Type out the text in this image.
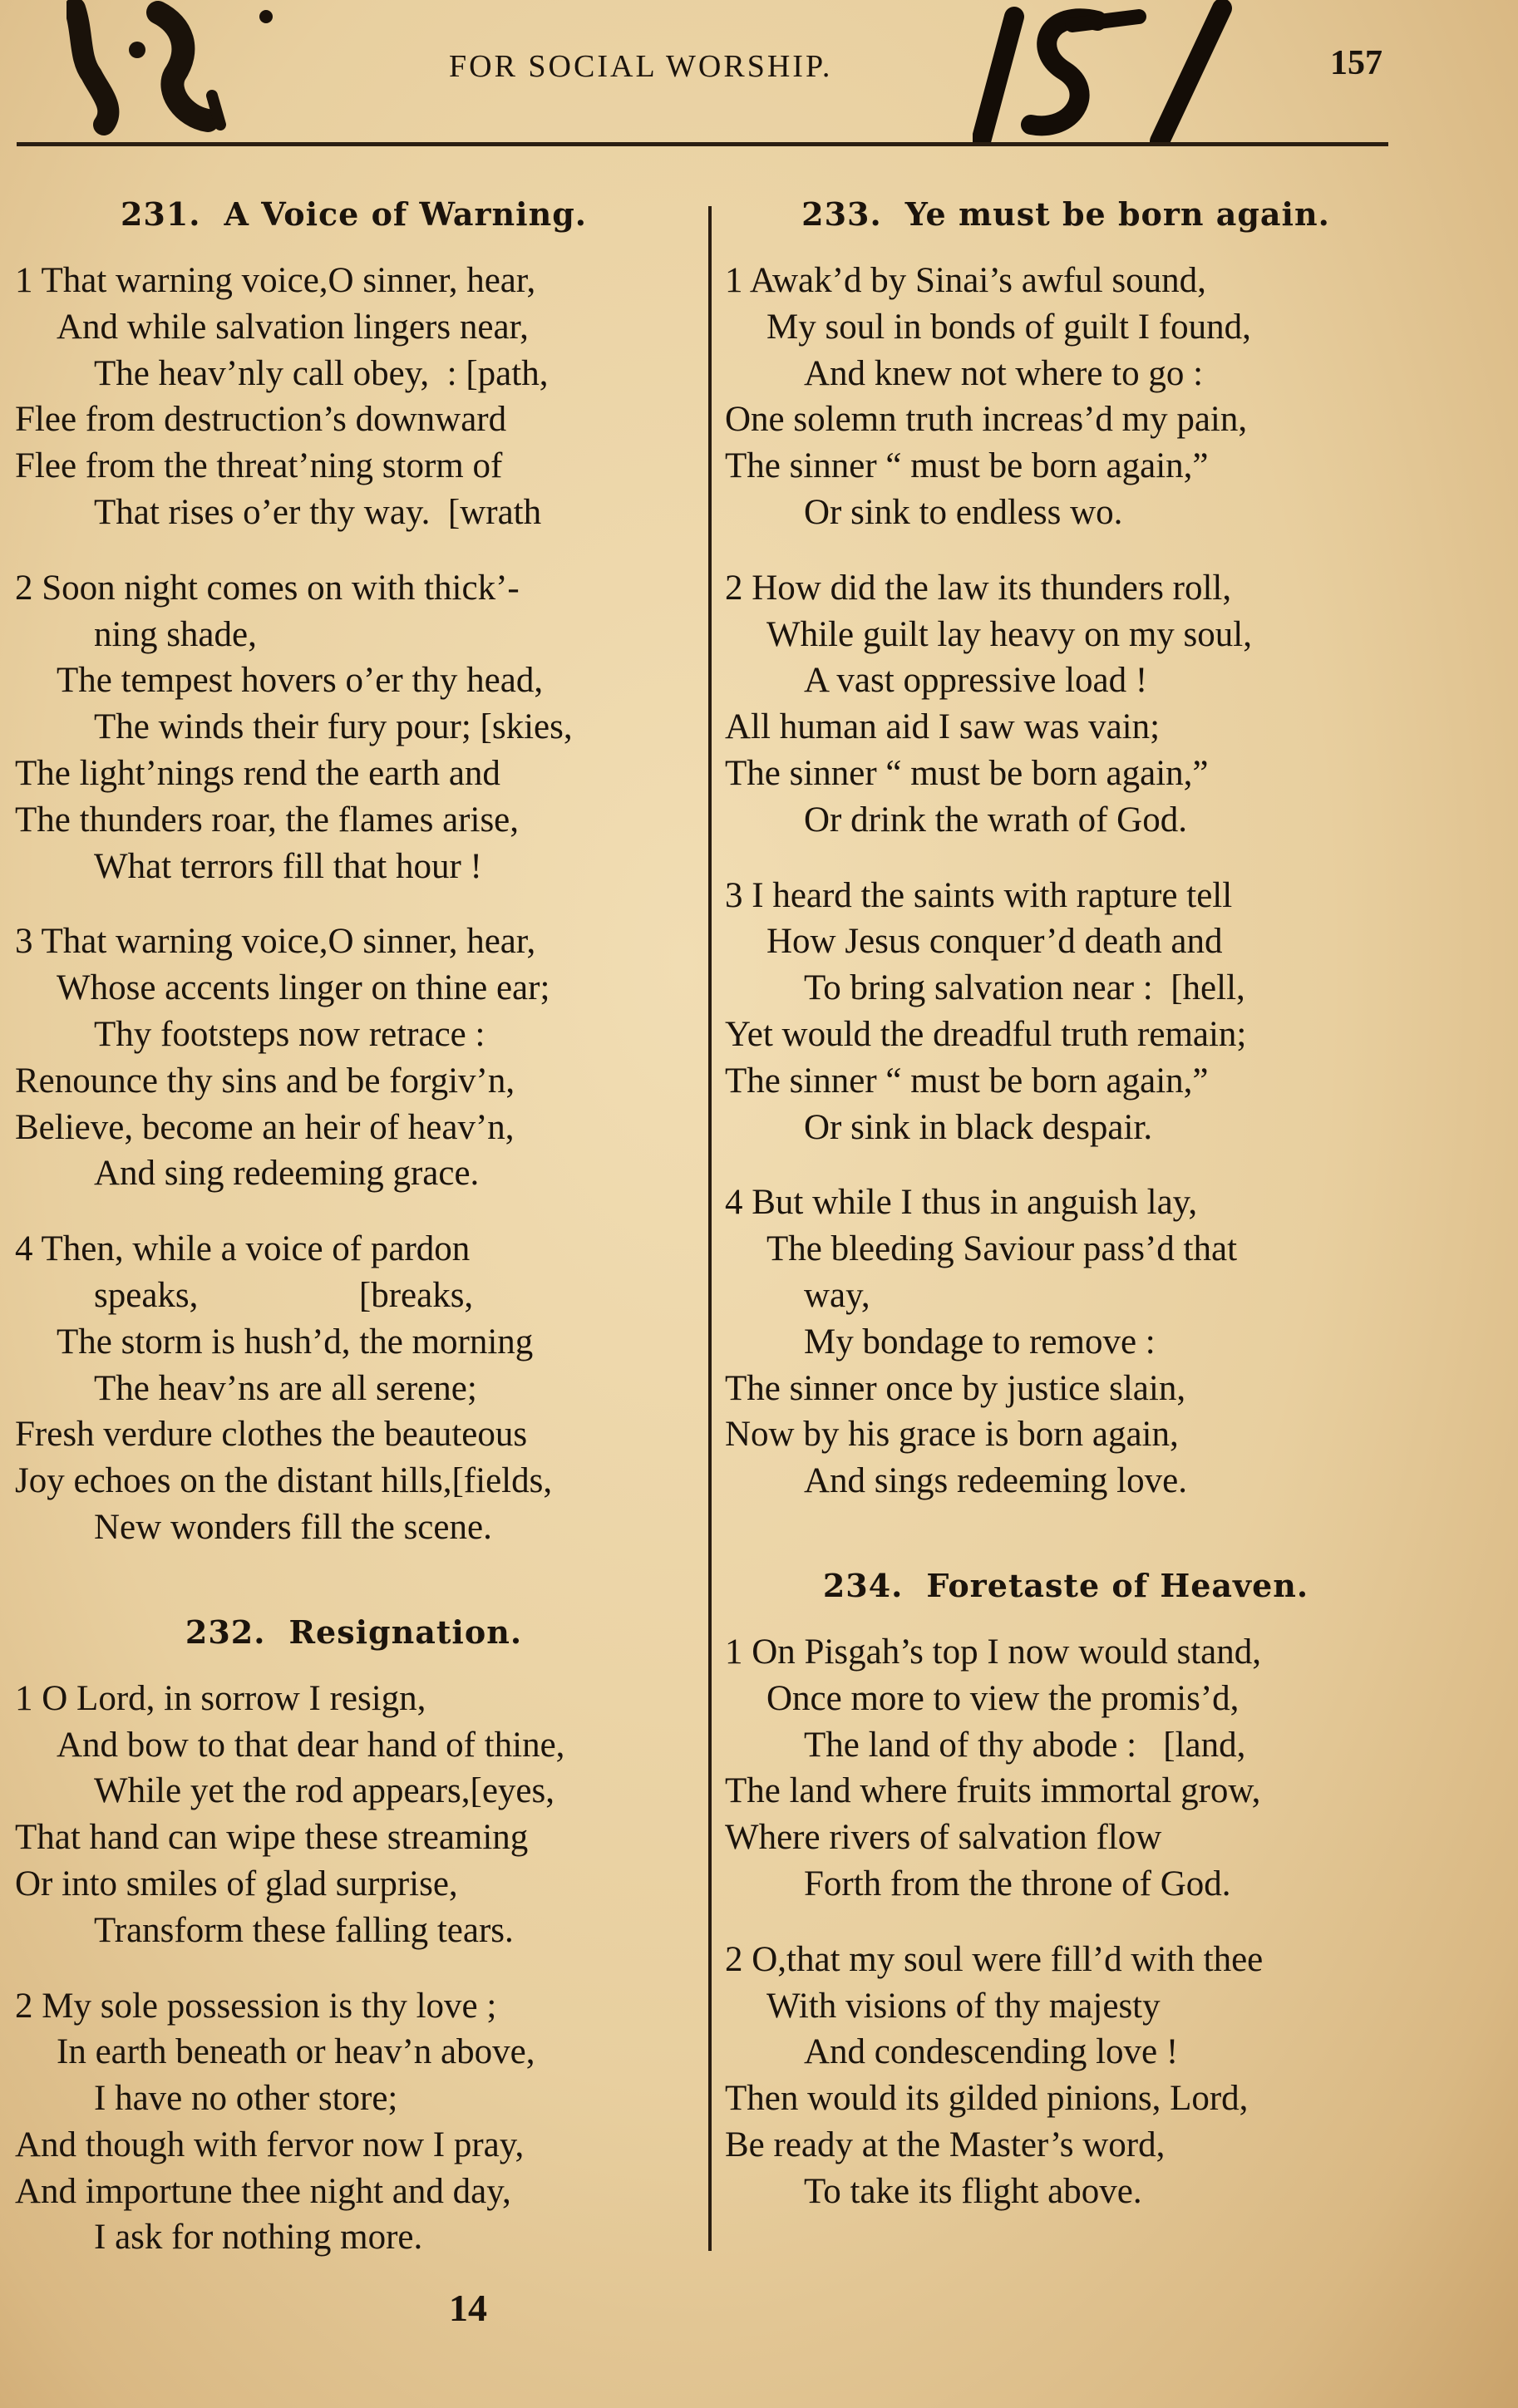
FOR SOCIAL WORSHIP.
151
157
231. A Voice of Warning.
1 That warning voice,O sinner, hear,
And while salvation lingers near,
The heav’nly call obey,  : [path,
Flee from destruction’s downward
Flee from the threat’ning storm of
That rises o’er thy way.  [wrath
2 Soon night comes on with thick’-
ning shade,
The tempest hovers o’er thy head,
The winds their fury pour; [skies,
The light’nings rend the earth and
The thunders roar, the flames arise,
What terrors fill that hour !
3 That warning voice,O sinner, hear,
Whose accents linger on thine ear;
Thy footsteps now retrace :
Renounce thy sins and be forgiv’n,
Believe, become an heir of heav’n,
And sing redeeming grace.
4 Then, while a voice of pardon
speaks,                  [breaks,
The storm is hush’d, the morning
The heav’ns are all serene;
Fresh verdure clothes the beauteous
Joy echoes on the distant hills,[fields,
New wonders fill the scene.
232. Resignation.
1 O Lord, in sorrow I resign,
And bow to that dear hand of thine,
While yet the rod appears,[eyes,
That hand can wipe these streaming
Or into smiles of glad surprise,
Transform these falling tears.
2 My sole possession is thy love ;
In earth beneath or heav’n above,
I have no other store;
And though with fervor now I pray,
And importune thee night and day,
I ask for nothing more.
233. Ye must be born again.
1 Awak’d by Sinai’s awful sound,
My soul in bonds of guilt I found,
And knew not where to go :
One solemn truth increas’d my pain,
The sinner “ must be born again,”
Or sink to endless wo.
2 How did the law its thunders roll,
While guilt lay heavy on my soul,
A vast oppressive load !
All human aid I saw was vain;
The sinner “ must be born again,”
Or drink the wrath of God.
3 I heard the saints with rapture tell
How Jesus conquer’d death and
To bring salvation near :  [hell,
Yet would the dreadful truth remain;
The sinner “ must be born again,”
Or sink in black despair.
4 But while I thus in anguish lay,
The bleeding Saviour pass’d that
way,
My bondage to remove :
The sinner once by justice slain,
Now by his grace is born again,
And sings redeeming love.
234. Foretaste of Heaven.
1 On Pisgah’s top I now would stand,
Once more to view the promis’d,
The land of thy abode :   [land,
The land where fruits immortal grow,
Where rivers of salvation flow
Forth from the throne of God.
2 O,that my soul were fill’d with thee
With visions of thy majesty
And condescending love !
Then would its gilded pinions, Lord,
Be ready at the Master’s word,
To take its flight above.
14
